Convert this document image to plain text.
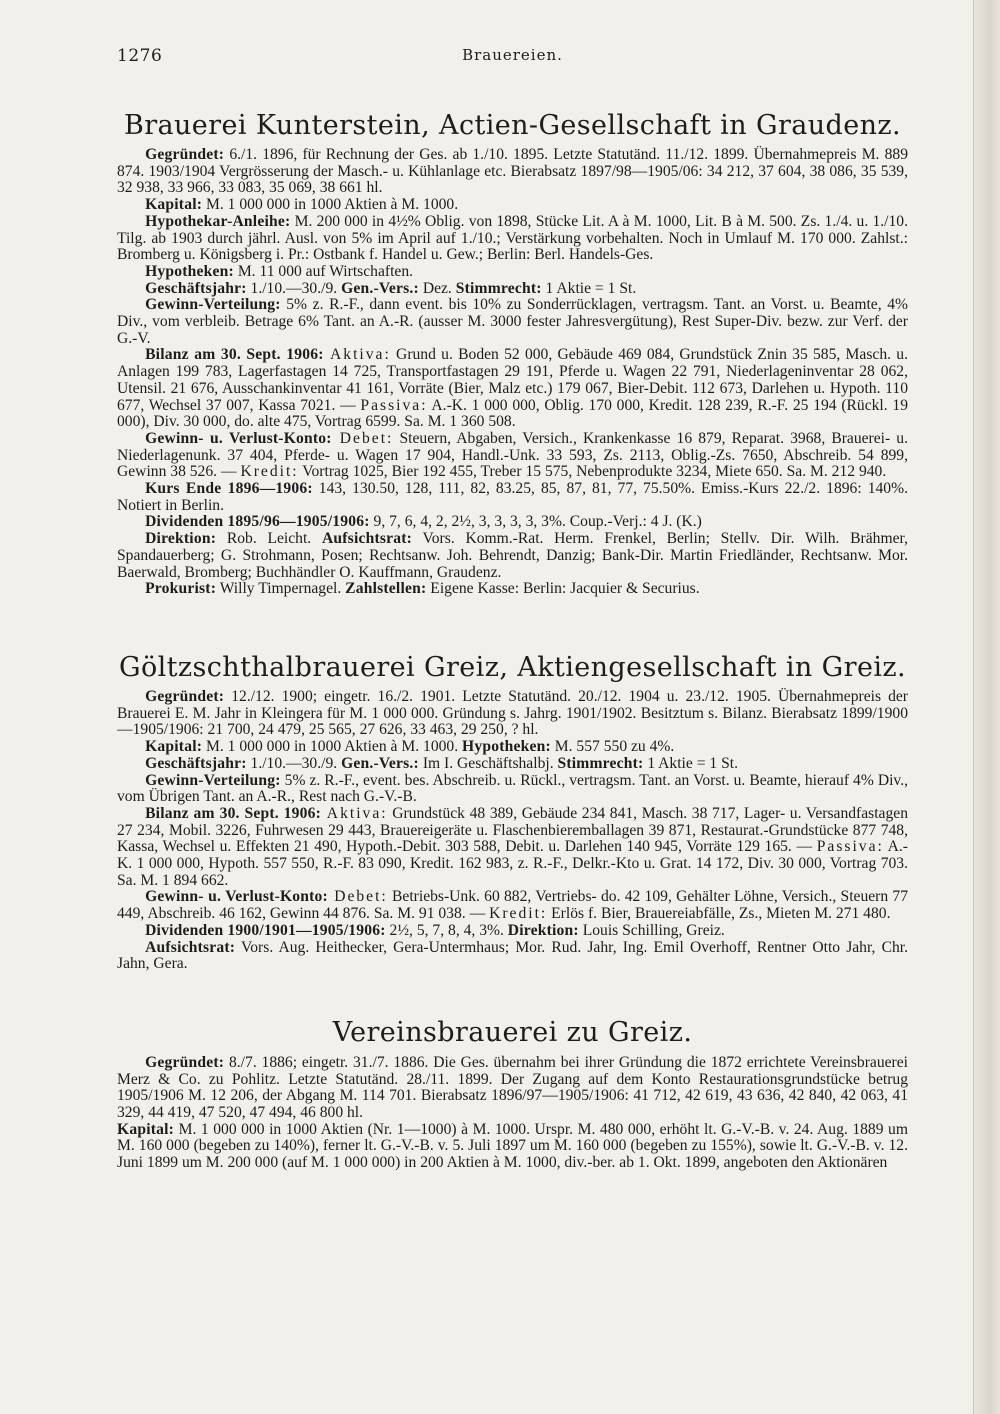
1276	Brauereien.
Brauerei Kunterstein, Actien-Gesellschaft in Graudenz.

Gegründet: 6./1. 1896, für Rechnung der Ges. ab 1./10. 1895. Letzte Statutänd. 11./12. 1899. Übernahmepreis M. 889 874. 1903/1904 Vergrösserung der Masch.- u. Kühlanlage etc. Bierabsatz 1897/98—1905/06: 34 212, 37 604, 38 086, 35 539, 32 938, 33 966, 33 083, 35 069, 38 661 hl.

Kapital: M. 1 000 000 in 1000 Aktien à M. 1000.

Hypothekar-Anleihe: M. 200 000 in 4½% Oblig. von 1898, Stücke Lit. A à M. 1000, Lit. B à M. 500. Zs. 1./4. u. 1./10. Tilg. ab 1903 durch jährl. Ausl. von 5% im April auf 1./10.; Verstärkung vorbehalten. Noch in Umlauf M. 170 000. Zahlst.: Bromberg u. Königsberg i. Pr.: Ostbank f. Handel u. Gew.; Berlin: Berl. Handels-Ges.

Hypotheken: M. 11 000 auf Wirtschaften.

Geschäftsjahr: 1./10.—30./9. Gen.-Vers.: Dez. Stimmrecht: 1 Aktie = 1 St.

Gewinn-Verteilung: 5% z. R.-F., dann event. bis 10% zu Sonderrücklagen, vertragsm. Tant. an Vorst. u. Beamte, 4% Div., vom verbleib. Betrage 6% Tant. an A.-R. (ausser M. 3000 fester Jahresvergütung), Rest Super-Div. bezw. zur Verf. der G.-V.

Bilanz am 30. Sept. 1906: Aktiva: Grund u. Boden 52 000, Gebäude 469 084, Grundstück Znin 35 585, Masch. u. Anlagen 199 783, Lagerfastagen 14 725, Transportfastagen 29 191, Pferde u. Wagen 22 791, Niederlageninventar 28 062, Utensil. 21 676, Ausschankinventar 41 161, Vorräte (Bier, Malz etc.) 179 067, Bier-Debit. 112 673, Darlehen u. Hypoth. 110 677, Wechsel 37 007, Kassa 7021. — Passiva: A.-K. 1 000 000, Oblig. 170 000, Kredit. 128 239, R.-F. 25 194 (Rückl. 19 000), Div. 30 000, do. alte 475, Vortrag 6599. Sa. M. 1 360 508.

Gewinn- u. Verlust-Konto: Debet: Steuern, Abgaben, Versich., Krankenkasse 16 879, Reparat. 3968, Brauerei- u. Niederlagenunk. 37 404, Pferde- u. Wagen 17 904, Handl.-Unk. 33 593, Zs. 2113, Oblig.-Zs. 7650, Abschreib. 54 899, Gewinn 38 526. — Kredit: Vortrag 1025, Bier 192 455, Treber 15 575, Nebenprodukte 3234, Miete 650. Sa. M. 212 940.

Kurs Ende 1896—1906: 143, 130.50, 128, 111, 82, 83.25, 85, 87, 81, 77, 75.50%. Emiss.-Kurs 22./2. 1896: 140%. Notiert in Berlin.

Dividenden 1895/96—1905/1906: 9, 7, 6, 4, 2, 2½, 3, 3, 3, 3, 3%. Coup.-Verj.: 4 J. (K.)

Direktion: Rob. Leicht. Aufsichtsrat: Vors. Komm.-Rat. Herm. Frenkel, Berlin; Stellv. Dir. Wilh. Brähmer, Spandauerberg; G. Strohmann, Posen; Rechtsanw. Joh. Behrendt, Danzig; Bank-Dir. Martin Friedländer, Rechtsanw. Mor. Baerwald, Bromberg; Buchhändler O. Kauffmann, Graudenz.

Prokurist: Willy Timpernagel. Zahlstellen: Eigene Kasse: Berlin: Jacquier & Securius.

Göltzschthalbrauerei Greiz, Aktiengesellschaft in Greiz.

Gegründet: 12./12. 1900; eingetr. 16./2. 1901. Letzte Statutänd. 20./12. 1904 u. 23./12. 1905. Übernahmepreis der Brauerei E. M. Jahr in Kleingera für M. 1 000 000. Gründung s. Jahrg. 1901/1902. Besitztum s. Bilanz. Bierabsatz 1899/1900—1905/1906: 21 700, 24 479, 25 565, 27 626, 33 463, 29 250, ? hl.

Kapital: M. 1 000 000 in 1000 Aktien à M. 1000. Hypotheken: M. 557 550 zu 4%.

Geschäftsjahr: 1./10.—30./9. Gen.-Vers.: Im I. Geschäftshalbj. Stimmrecht: 1 Aktie = 1 St.

Gewinn-Verteilung: 5% z. R.-F., event. bes. Abschreib. u. Rückl., vertragsm. Tant. an Vorst. u. Beamte, hierauf 4% Div., vom Übrigen Tant. an A.-R., Rest nach G.-V.-B.

Bilanz am 30. Sept. 1906: Aktiva: Grundstück 48 389, Gebäude 234 841, Masch. 38 717, Lager- u. Versandfastagen 27 234, Mobil. 3226, Fuhrwesen 29 443, Brauereigeräte u. Flaschenbieremballagen 39 871, Restaurat.-Grundstücke 877 748, Kassa, Wechsel u. Effekten 21 490, Hypoth.-Debit. 303 588, Debit. u. Darlehen 140 945, Vorräte 129 165. — Passiva: A.-K. 1 000 000, Hypoth. 557 550, R.-F. 83 090, Kredit. 162 983, z. R.-F., Delkr.-Kto u. Grat. 14 172, Div. 30 000, Vortrag 703. Sa. M. 1 894 662.

Gewinn- u. Verlust-Konto: Debet: Betriebs-Unk. 60 882, Vertriebs- do. 42 109, Gehälter Löhne, Versich., Steuern 77 449, Abschreib. 46 162, Gewinn 44 876. Sa. M. 91 038. — Kredit: Erlös f. Bier, Brauereiabfälle, Zs., Mieten M. 271 480.

Dividenden 1900/1901—1905/1906: 2½, 5, 7, 8, 4, 3%. Direktion: Louis Schilling, Greiz.

Aufsichtsrat: Vors. Aug. Heithecker, Gera-Untermhaus; Mor. Rud. Jahr, Ing. Emil Overhoff, Rentner Otto Jahr, Chr. Jahn, Gera.

Vereinsbrauerei zu Greiz.

Gegründet: 8./7. 1886; eingetr. 31./7. 1886. Die Ges. übernahm bei ihrer Gründung die 1872 errichtete Vereinsbrauerei Merz & Co. zu Pohlitz. Letzte Statutänd. 28./11. 1899. Der Zugang auf dem Konto Restaurationsgrundstücke betrug 1905/1906 M. 12 206, der Abgang M. 114 701. Bierabsatz 1896/97—1905/1906: 41 712, 42 619, 43 636, 42 840, 42 063, 41 329, 44 419, 47 520, 47 494, 46 800 hl.

Kapital: M. 1 000 000 in 1000 Aktien (Nr. 1—1000) à M. 1000. Urspr. M. 480 000, erhöht lt. G.-V.-B. v. 24. Aug. 1889 um M. 160 000 (begeben zu 140%), ferner lt. G.-V.-B. v. 5. Juli 1897 um M. 160 000 (begeben zu 155%), sowie lt. G.-V.-B. v. 12. Juni 1899 um M. 200 000 (auf M. 1 000 000) in 200 Aktien à M. 1000, div.-ber. ab 1. Okt. 1899, angeboten den Aktionären
